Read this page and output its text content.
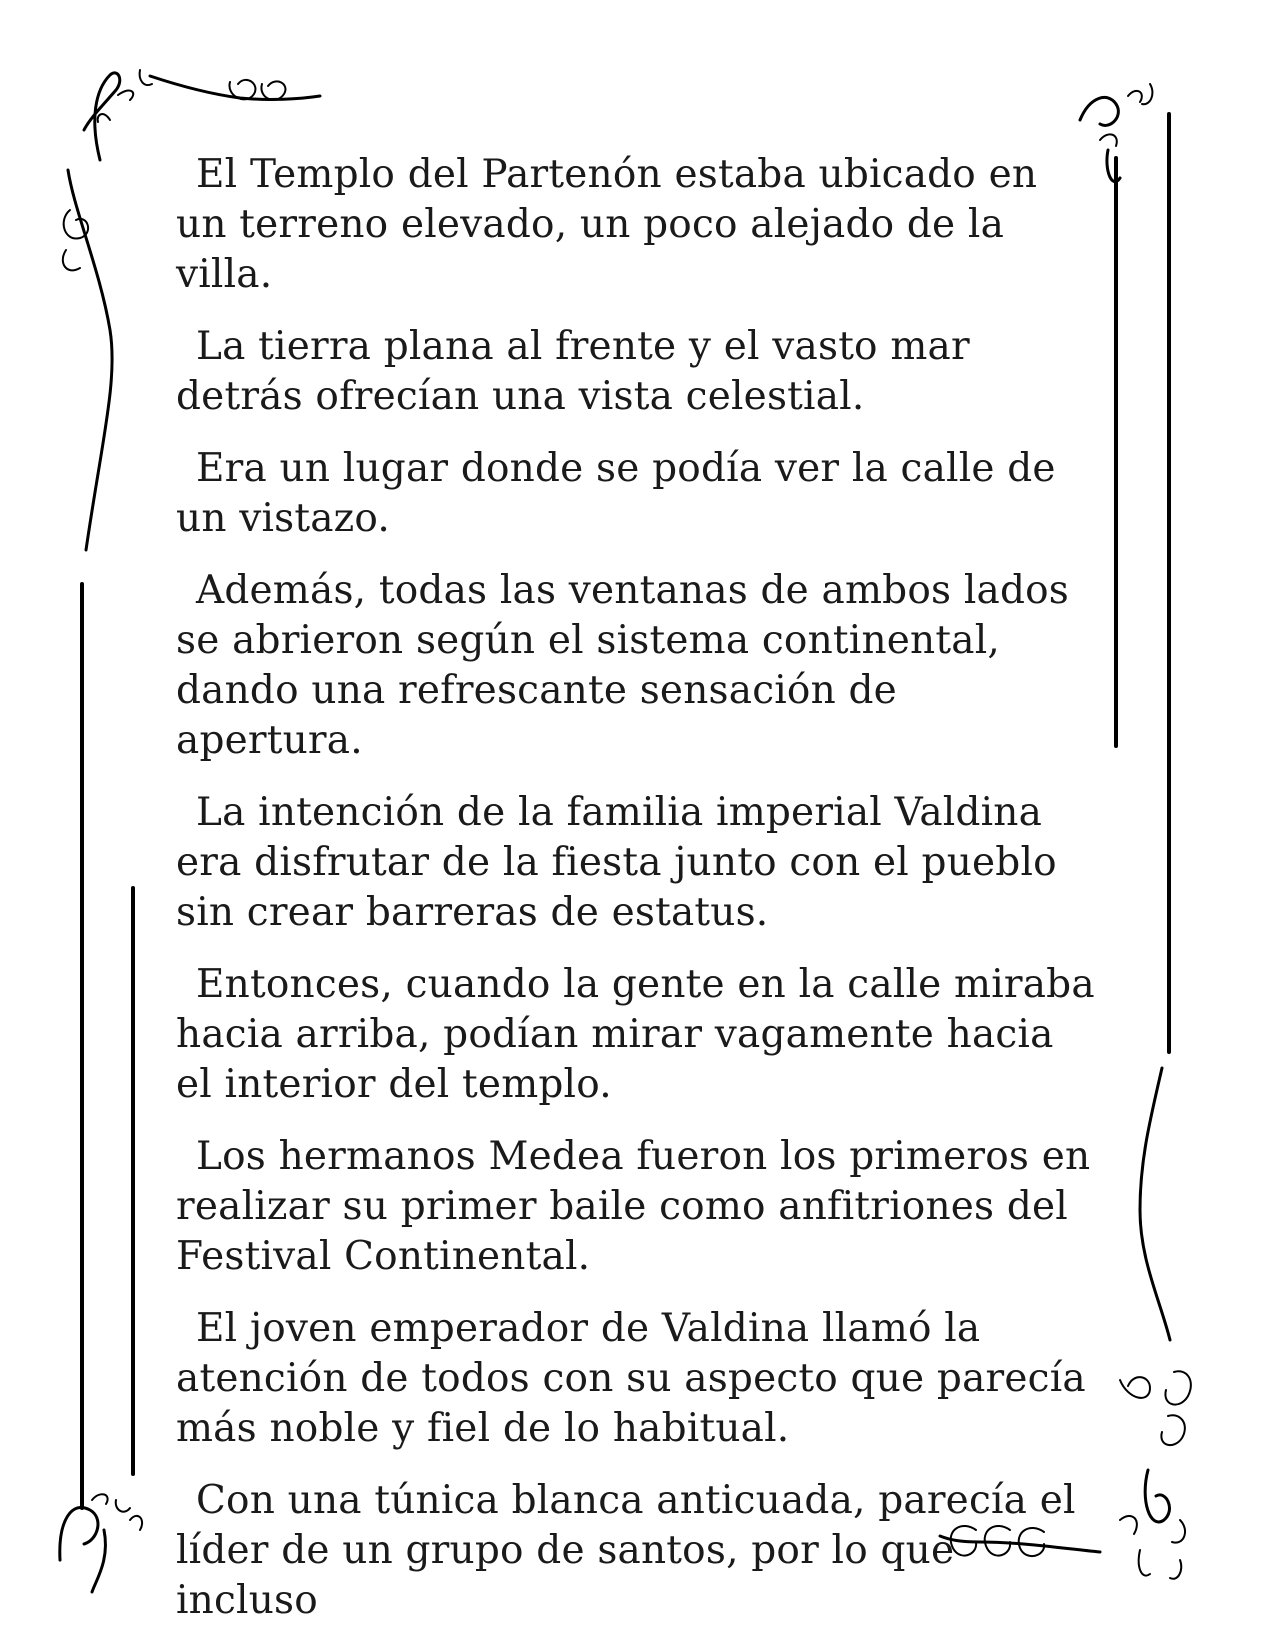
El Templo del Partenón estaba ubicado en un terreno elevado, un poco alejado de la villa.

La tierra plana al frente y el vasto mar detrás ofrecían una vista celestial.

Era un lugar donde se podía ver la calle de un vistazo.

Además, todas las ventanas de ambos lados se abrieron según el sistema continental, dando una refrescante sensación de apertura.

La intención de la familia imperial Valdina era disfrutar de la fiesta junto con el pueblo sin crear barreras de estatus.

Entonces, cuando la gente en la calle miraba hacia arriba, podían mirar vagamente hacia el interior del templo.

Los hermanos Medea fueron los primeros en realizar su primer baile como anfitriones del Festival Continental.

El joven emperador de Valdina llamó la atención de todos con su aspecto que parecía más noble y fiel de lo habitual.

Con una túnica blanca anticuada, parecía el líder de un grupo de santos, por lo que incluso
